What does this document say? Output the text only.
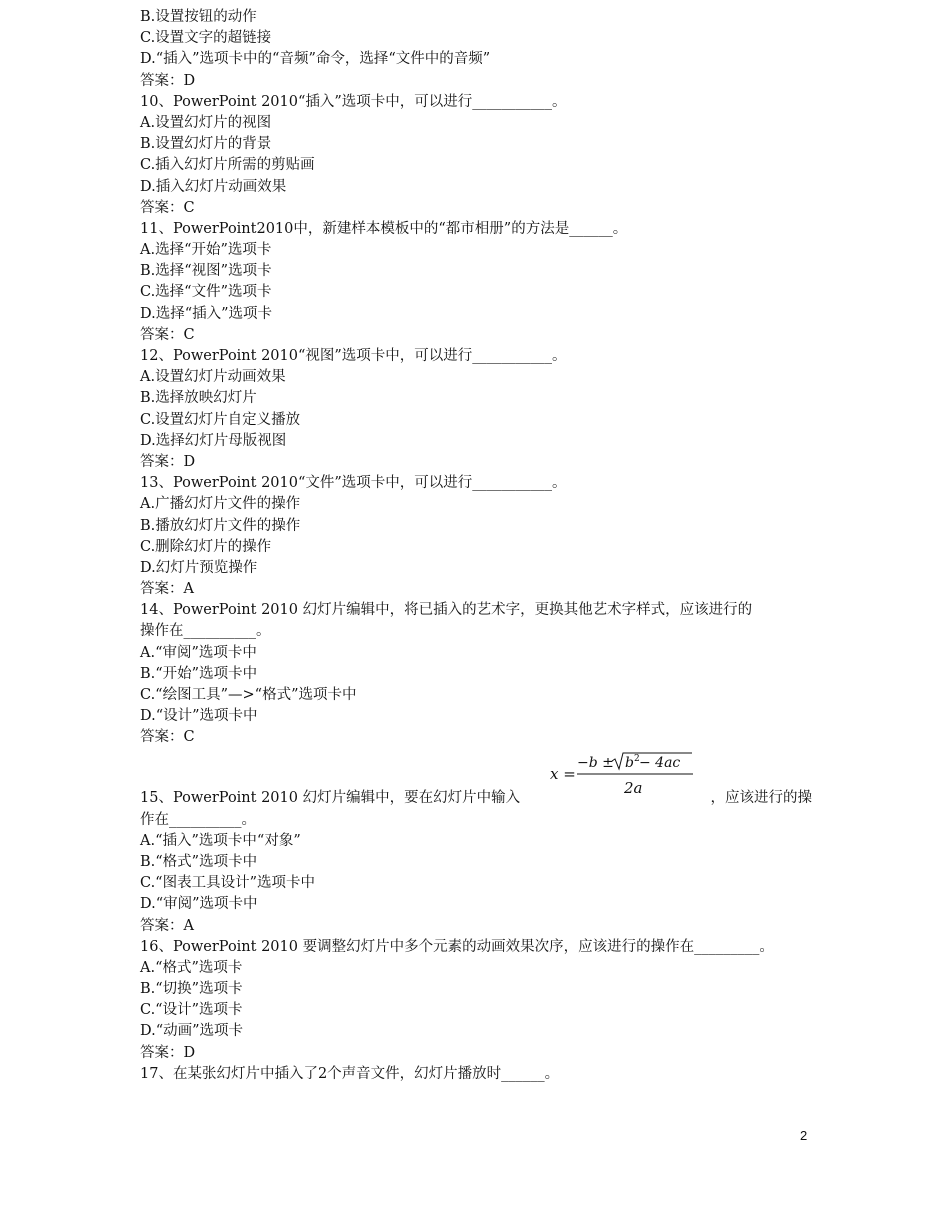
B.设置按钮的动作
C.设置文字的超链接
D.“插入”选项卡中的“音频”命令，选择“文件中的音频”
答案：D
10、PowerPoint 2010“插入”选项卡中，可以进行___________。
A.设置幻灯片的视图
B.设置幻灯片的背景
C.插入幻灯片所需的剪贴画
D.插入幻灯片动画效果
答案：C
11、PowerPoint2010中，新建样本模板中的“都市相册”的方法是______。
A.选择“开始”选项卡
B.选择“视图”选项卡
C.选择“文件”选项卡
D.选择“插入”选项卡
答案：C
12、PowerPoint 2010“视图”选项卡中，可以进行___________。
A.设置幻灯片动画效果
B.选择放映幻灯片
C.设置幻灯片自定义播放
D.选择幻灯片母版视图
答案：D
13、PowerPoint 2010“文件”选项卡中，可以进行___________。
A.广播幻灯片文件的操作
B.播放幻灯片文件的操作
C.删除幻灯片的操作
D.幻灯片预览操作
答案：A
14、PowerPoint 2010 幻灯片编辑中，将已插入的艺术字，更换其他艺术字样式，应该进行的
操作在__________。
A.“审阅”选项卡中
B.“开始”选项卡中
C.“绘图工具”—>“格式”选项卡中
D.“设计”选项卡中
答案：C
15、PowerPoint 2010 幻灯片编辑中，要在幻灯片中输入
x =
−b ± b 2 − 4ac
2a
，应该进行的操
作在__________。
A.“插入”选项卡中“对象”
B.“格式”选项卡中
C.“图表工具设计”选项卡中
D.“审阅”选项卡中
答案：A
16、PowerPoint 2010 要调整幻灯片中多个元素的动画效果次序，应该进行的操作在_________。
A.“格式”选项卡
B.“切换”选项卡
C.“设计”选项卡
D.“动画”选项卡
答案：D
17、在某张幻灯片中插入了2个声音文件，幻灯片播放时______。
2
